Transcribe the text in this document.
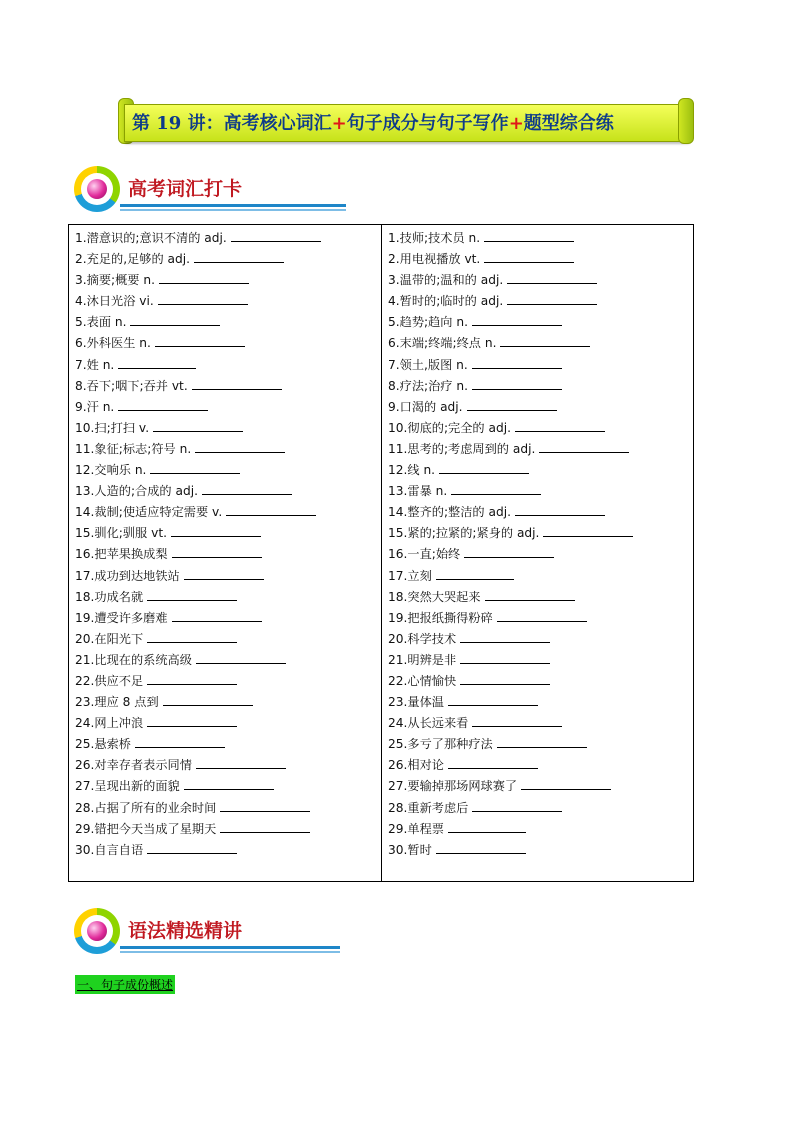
第 19 讲：高考核心词汇+句子成分与句子写作+题型综合练
高考词汇打卡
1.潜意识的;意识不清的 adj.
2.充足的,足够的 adj.
3.摘要;概要 n.
4.沐日光浴 vi.
5.表面 n.
6.外科医生 n.
7.姓 n.
8.吞下;咽下;吞并 vt.
9.汗 n.
10.扫;打扫 v.
11.象征;标志;符号 n.
12.交响乐 n.
13.人造的;合成的 adj.
14.裁制;使适应特定需要 v.
15.驯化;驯服 vt.
16.把苹果换成梨
17.成功到达地铁站
18.功成名就
19.遭受许多磨难
20.在阳光下
21.比现在的系统高级
22.供应不足
23.理应 8 点到
24.网上冲浪
25.悬索桥
26.对幸存者表示同情
27.呈现出新的面貌
28.占据了所有的业余时间
29.错把今天当成了星期天
30.自言自语
1.技师;技术员 n.
2.用电视播放 vt.
3.温带的;温和的 adj.
4.暂时的;临时的 adj.
5.趋势;趋向 n.
6.末端;终端;终点 n.
7.领土,版图 n.
8.疗法;治疗 n.
9.口渴的 adj.
10.彻底的;完全的 adj.
11.思考的;考虑周到的 adj.
12.线 n.
13.雷暴 n.
14.整齐的;整洁的 adj.
15.紧的;拉紧的;紧身的 adj.
16.一直;始终
17.立刻
18.突然大哭起来
19.把报纸撕得粉碎
20.科学技术
21.明辨是非
22.心情愉快
23.量体温
24.从长远来看
25.多亏了那种疗法
26.相对论
27.要输掉那场网球赛了
28.重新考虑后
29.单程票
30.暂时
语法精选精讲
一、句子成份概述
